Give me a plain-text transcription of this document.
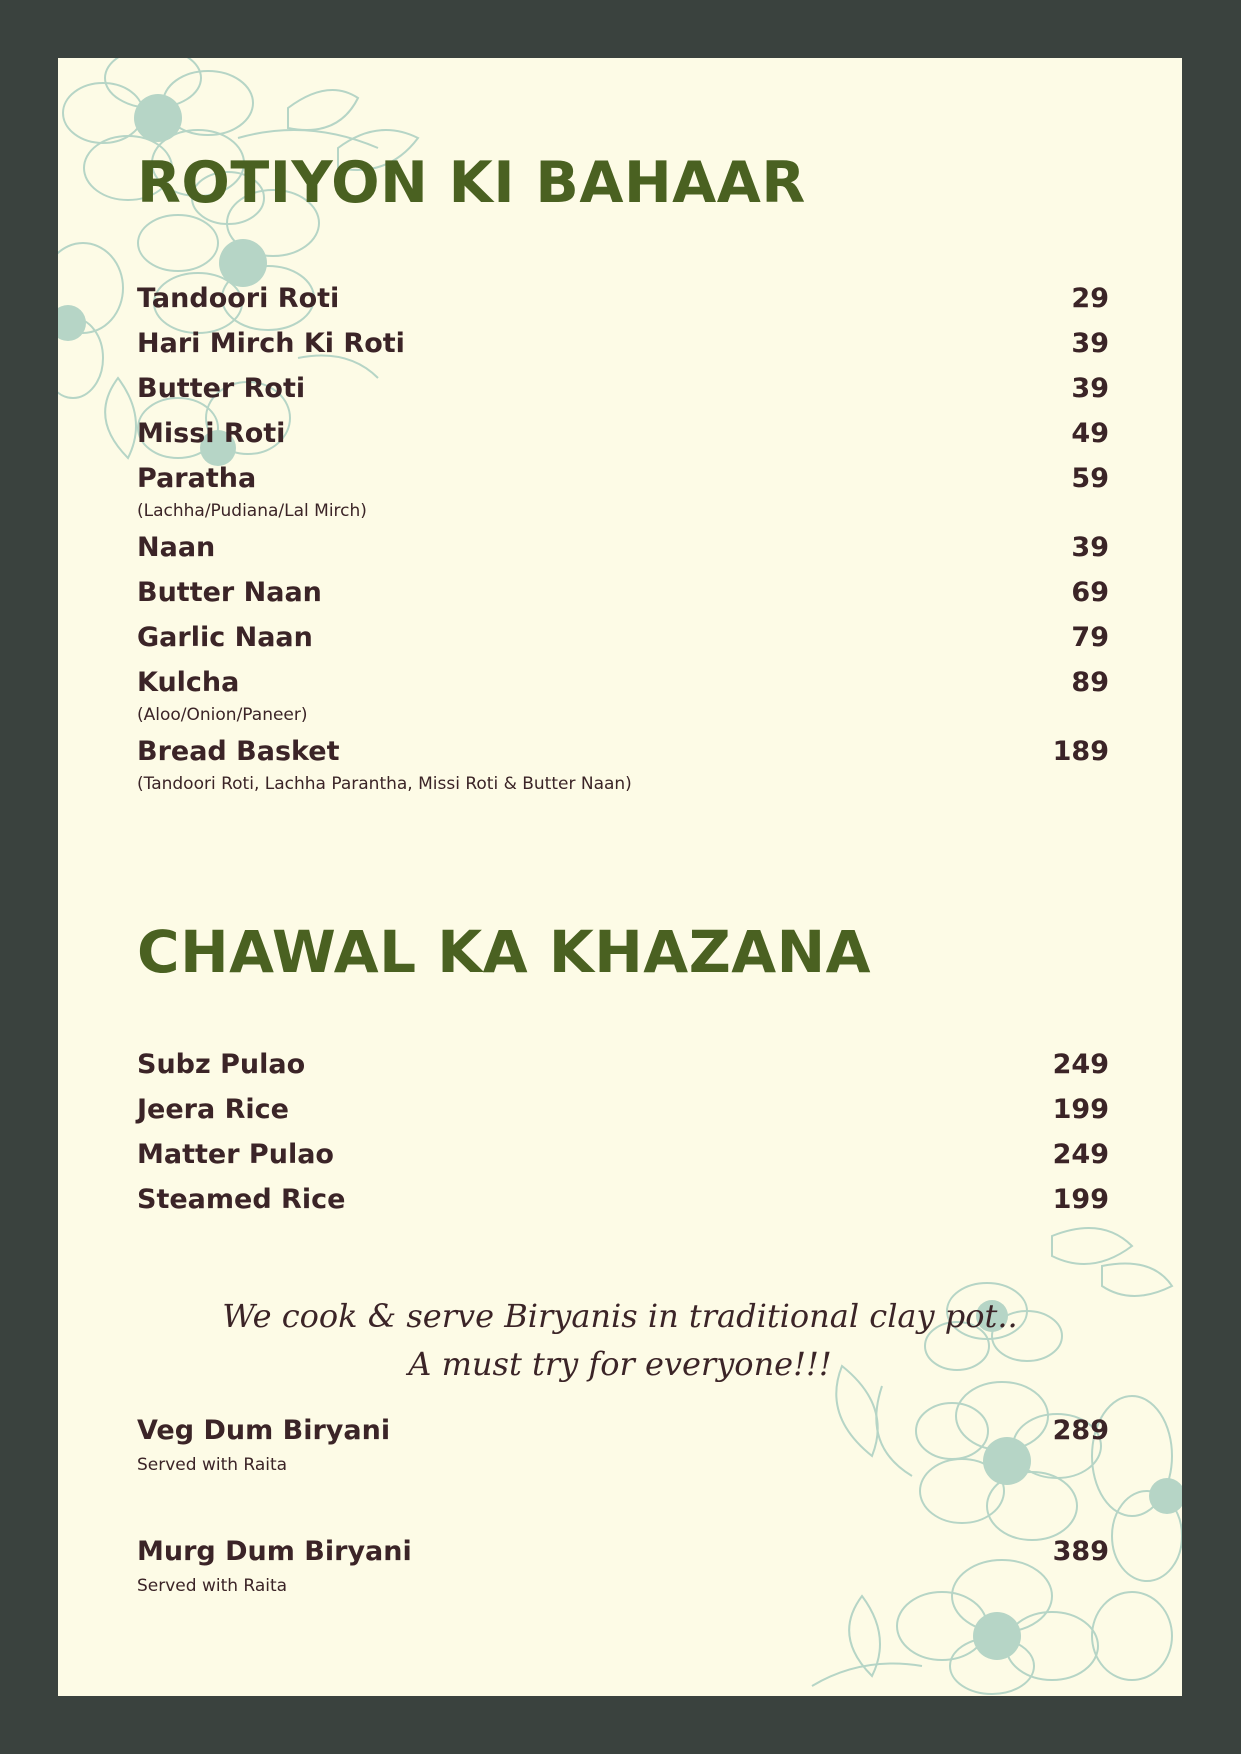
ROTIYON KI BAHAAR
Tandoori Roti	29
Hari Mirch Ki Roti	39
Butter Roti	39
Missi Roti	49
Paratha	59
(Lachha/Pudiana/Lal Mirch)
Naan	39
Butter Naan	69
Garlic Naan	79
Kulcha	89
(Aloo/Onion/Paneer)
Bread Basket	189
(Tandoori Roti, Lachha Parantha, Missi Roti & Butter Naan)
CHAWAL KA KHAZANA
Subz Pulao	249
Jeera Rice	199
Matter Pulao	249
Steamed Rice	199

We cook & serve Biryanis in traditional clay pot..
A must try for everyone!!!

Veg Dum Biryani	289
Served with Raita
Murg Dum Biryani	389
Served with Raita
